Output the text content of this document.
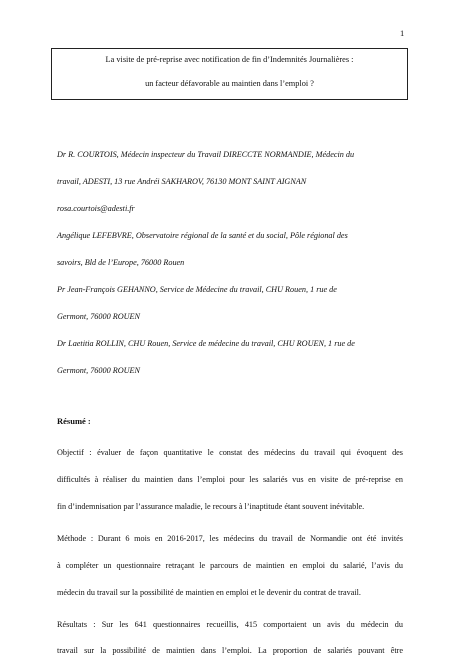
1
La visite de pré-reprise avec notification de fin d’Indemnités Journalières :
un facteur défavorable au maintien dans l’emploi ?
Dr R. COURTOIS, Médecin inspecteur du Travail DIRECCTE NORMANDIE, Médecin du
travail, ADESTI, 13 rue Andréi SAKHAROV, 76130 MONT SAINT AIGNAN
rosa.courtois@adesti.fr
Angélique LEFEBVRE, Observatoire régional de la santé et du social, Pôle régional des
savoirs, Bld de l’Europe, 76000 Rouen
Pr Jean-François GEHANNO, Service de Médecine du travail, CHU Rouen, 1 rue de
Germont, 76000 ROUEN
Dr Laetitia ROLLIN, CHU Rouen, Service de médecine du travail, CHU ROUEN, 1 rue de
Germont, 76000 ROUEN
Résumé :
Objectif : évaluer de façon quantitative le constat des médecins du travail qui évoquent des
difficultés à réaliser du maintien dans l’emploi pour les salariés vus en visite de pré-reprise en
fin d’indemnisation par l’assurance maladie, le recours à l’inaptitude étant souvent inévitable.
Méthode : Durant 6 mois en 2016-2017, les médecins du travail de Normandie ont été invités
à compléter un questionnaire retraçant le parcours de maintien en emploi du salarié, l’avis du
médecin du travail sur la possibilité de maintien en emploi et le devenir du contrat de travail.
Résultats : Sur les 641 questionnaires recueillis, 415 comportaient un avis du médecin du
travail sur la possibilité de maintien dans l’emploi. La proportion de salariés pouvant être
